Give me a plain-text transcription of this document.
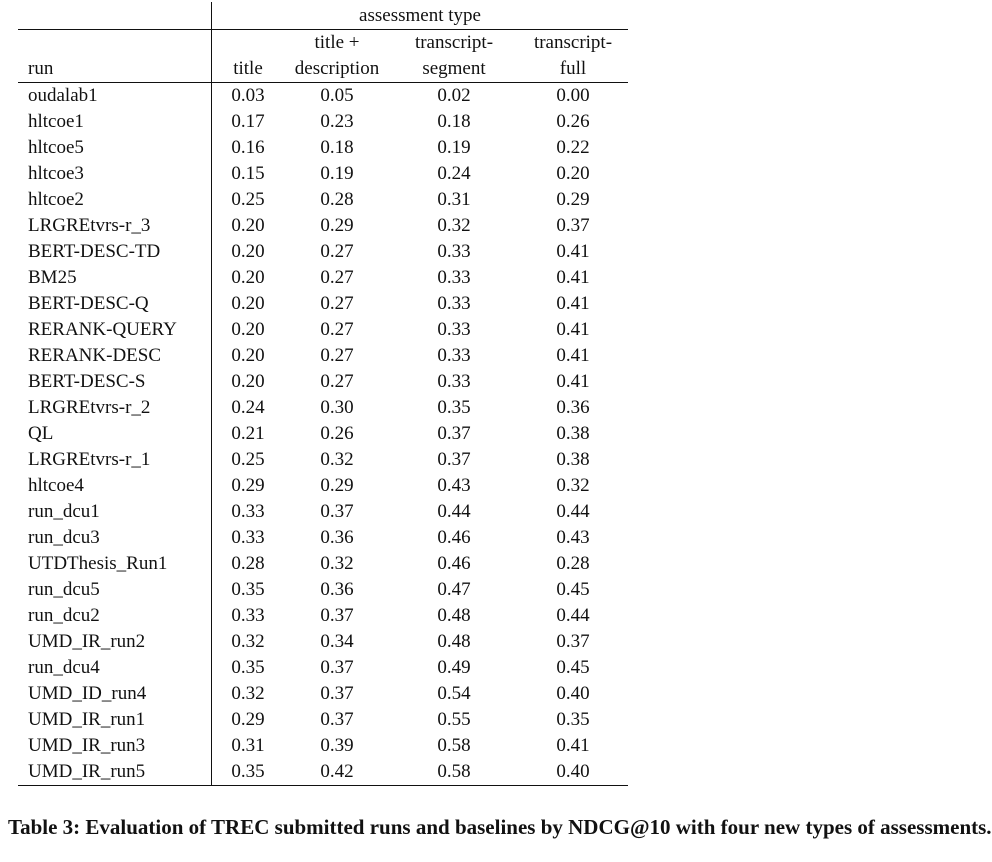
	assessment type			
		title +	transcript-	transcript-
run	title	description	segment	full
oudalab1	0.03	0.05	0.02	0.00
hltcoe1	0.17	0.23	0.18	0.26
hltcoe5	0.16	0.18	0.19	0.22
hltcoe3	0.15	0.19	0.24	0.20
hltcoe2	0.25	0.28	0.31	0.29
LRGREtvrs-r_3	0.20	0.29	0.32	0.37
BERT-DESC-TD	0.20	0.27	0.33	0.41
BM25	0.20	0.27	0.33	0.41
BERT-DESC-Q	0.20	0.27	0.33	0.41
RERANK-QUERY	0.20	0.27	0.33	0.41
RERANK-DESC	0.20	0.27	0.33	0.41
BERT-DESC-S	0.20	0.27	0.33	0.41
LRGREtvrs-r_2	0.24	0.30	0.35	0.36
QL	0.21	0.26	0.37	0.38
LRGREtvrs-r_1	0.25	0.32	0.37	0.38
hltcoe4	0.29	0.29	0.43	0.32
run_dcu1	0.33	0.37	0.44	0.44
run_dcu3	0.33	0.36	0.46	0.43
UTDThesis_Run1	0.28	0.32	0.46	0.28
run_dcu5	0.35	0.36	0.47	0.45
run_dcu2	0.33	0.37	0.48	0.44
UMD_IR_run2	0.32	0.34	0.48	0.37
run_dcu4	0.35	0.37	0.49	0.45
UMD_ID_run4	0.32	0.37	0.54	0.40
UMD_IR_run1	0.29	0.37	0.55	0.35
UMD_IR_run3	0.31	0.39	0.58	0.41
UMD_IR_run5	0.35	0.42	0.58	0.40
Table 3: Evaluation of TREC submitted runs and baselines by NDCG@10 with four new types of assessments.
